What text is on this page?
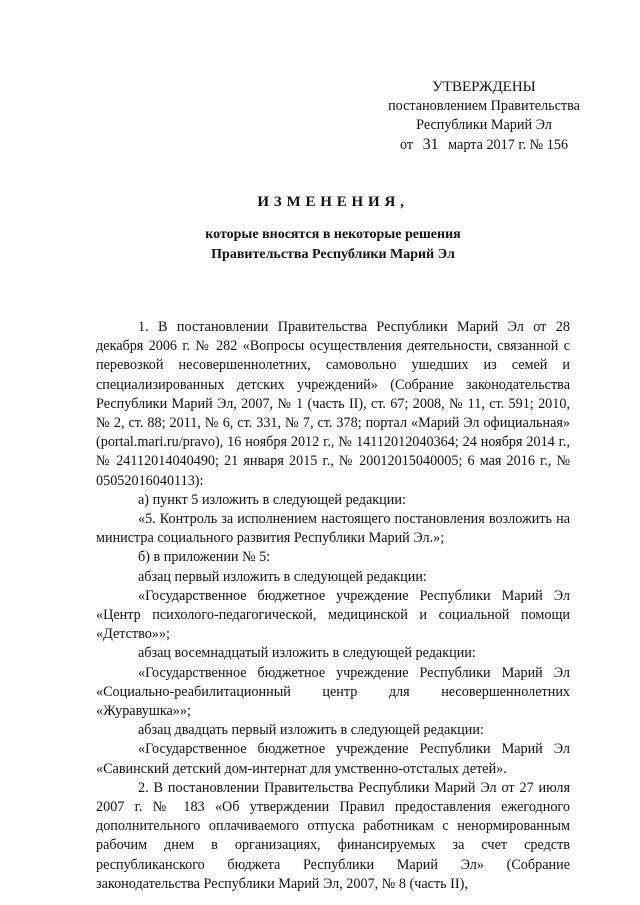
УТВЕРЖДЕНЫ
постановлением Правительства
Республики Марий Эл
от 31 марта 2017 г. № 156
ИЗМЕНЕНИЯ,
которые вносятся в некоторые решения
Правительства Республики Марий Эл

1. В постановлении Правительства Республики Марий Эл от 28 декабря 2006 г. № 282 «Вопросы осуществления деятельности, связанной с перевозкой несовершеннолетних, самовольно ушедших из семей и специализированных детских учреждений» (Собрание законодательства Республики Марий Эл, 2007, № 1 (часть II), ст. 67; 2008, № 11, ст. 591; 2010, № 2, ст. 88; 2011, № 6, ст. 331, № 7, ст. 378; портал «Марий Эл официальная» (portal.mari.ru/pravo), 16 ноября 2012 г., № 14112012040364; 24 ноября 2014 г., № 24112014040490; 21 января 2015 г., № 20012015040005; 6 мая 2016 г., № 05052016040113):

а) пункт 5 изложить в следующей редакции:

«5. Контроль за исполнением настоящего постановления возложить на министра социального развития Республики Марий Эл.»;

б) в приложении № 5:

абзац первый изложить в следующей редакции:

«Государственное бюджетное учреждение Республики Марий Эл «Центр психолого-педагогической, медицинской и социальной помощи «Детство»»;

абзац восемнадцатый изложить в следующей редакции:

«Государственное бюджетное учреждение Республики Марий Эл «Социально-реабилитационный центр для несовершеннолетних «Журавушка»»;

абзац двадцать первый изложить в следующей редакции:

«Государственное бюджетное учреждение Республики Марий Эл «Савинский детский дом-интернат для умственно-отсталых детей».

2. В постановлении Правительства Республики Марий Эл от 27 июля 2007 г. № 183 «Об утверждении Правил предоставления ежегодного дополнительного оплачиваемого отпуска работникам с ненормированным рабочим днем в организациях, финансируемых за счет средств республиканского бюджета Республики Марий Эл» (Собрание законодательства Республики Марий Эл, 2007, № 8 (часть II),
